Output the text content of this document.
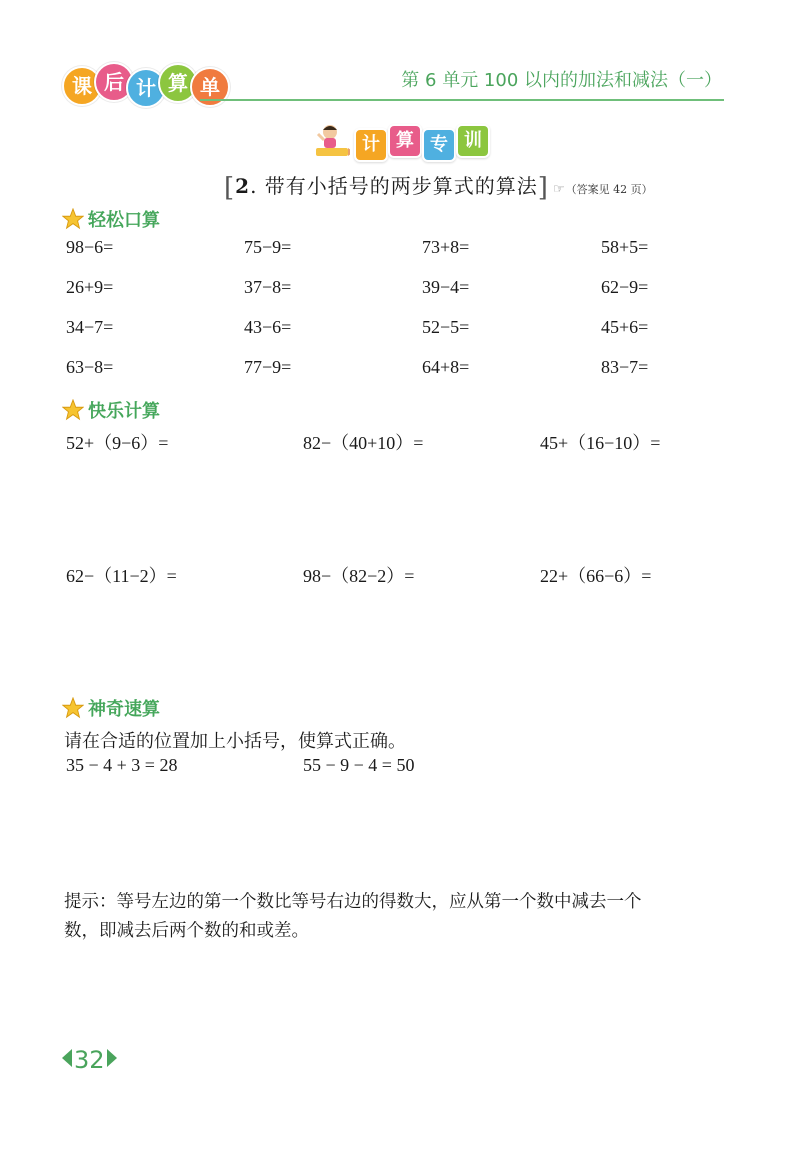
课 后 计 算 单	第 6 单元 100 以内的加法和减法（一）
计 算 专 训
[2. 带有小括号的两步算式的算法] ☞（答案见 42 页）
轻松口算
98−6=	75−9=	73+8=	58+5=
26+9=	37−8=	39−4=	62−9=
34−7=	43−6=	52−5=	45+6=
63−8=	77−9=	64+8=	83−7=
快乐计算
52+（9−6）=	82−（40+10）=	45+（16−10）=
62−（11−2）=	98−（82−2）=	22+（66−6）=
神奇速算
请在合适的位置加上小括号，使算式正确。
35 − 4 + 3 = 28	55 − 9 − 4 = 50
提示：等号左边的第一个数比等号右边的得数大，应从第一个数中减去一个
数，即减去后两个数的和或差。
32
